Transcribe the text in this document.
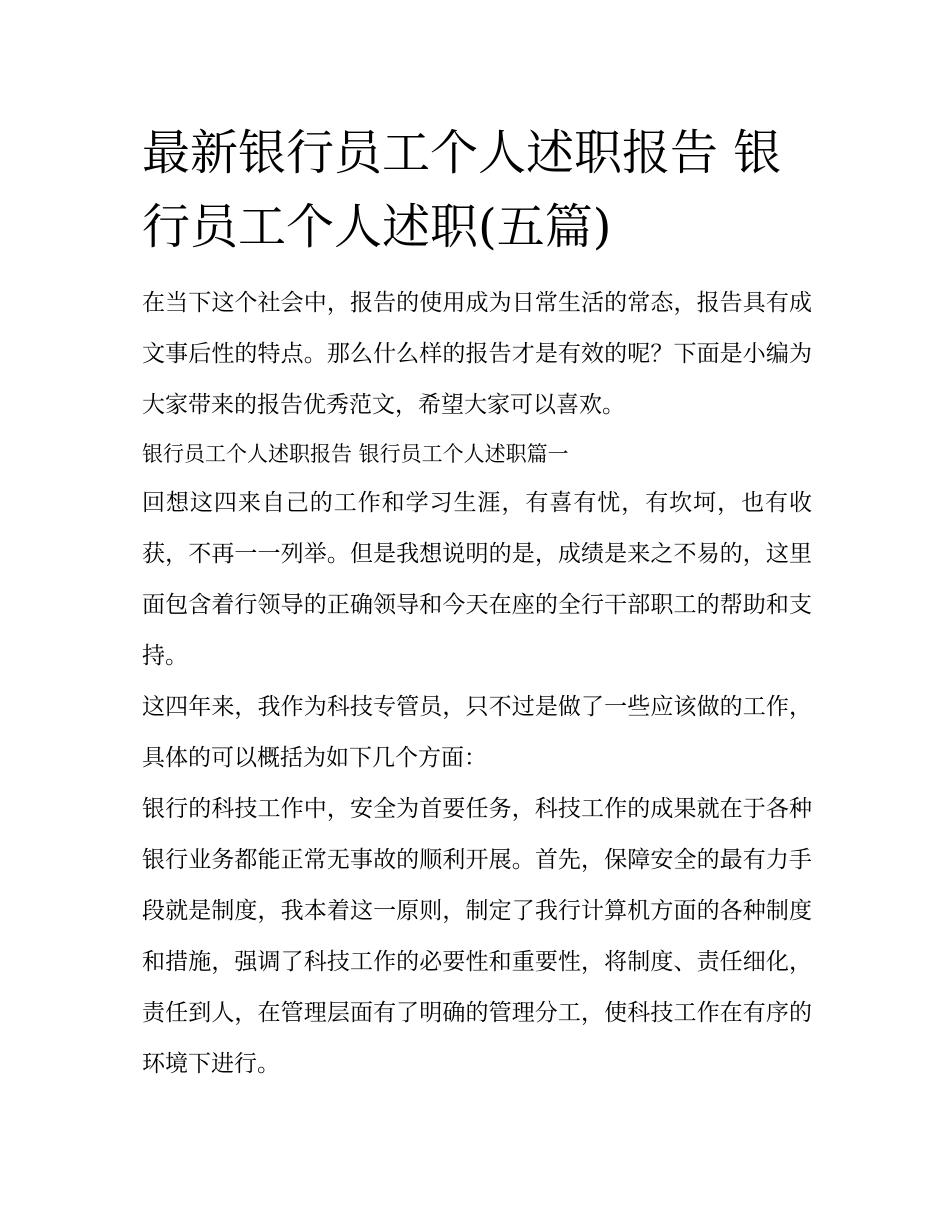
最新银行员工个人述职报告 银行员工个人述职(五篇)

在当下这个社会中，报告的使用成为日常生活的常态，报告具有成文事后性的特点。那么什么样的报告才是有效的呢？下面是小编为大家带来的报告优秀范文，希望大家可以喜欢。

银行员工个人述职报告 银行员工个人述职篇一

回想这四来自己的工作和学习生涯，有喜有忧，有坎坷，也有收获，不再一一列举。但是我想说明的是，成绩是来之不易的，这里面包含着行领导的正确领导和今天在座的全行干部职工的帮助和支持。

这四年来，我作为科技专管员，只不过是做了一些应该做的工作，具体的可以概括为如下几个方面：

银行的科技工作中，安全为首要任务，科技工作的成果就在于各种银行业务都能正常无事故的顺利开展。首先，保障安全的最有力手段就是制度，我本着这一原则，制定了我行计算机方面的各种制度和措施，强调了科技工作的必要性和重要性，将制度、责任细化，责任到人，在管理层面有了明确的管理分工，使科技工作在有序的环境下进行。
